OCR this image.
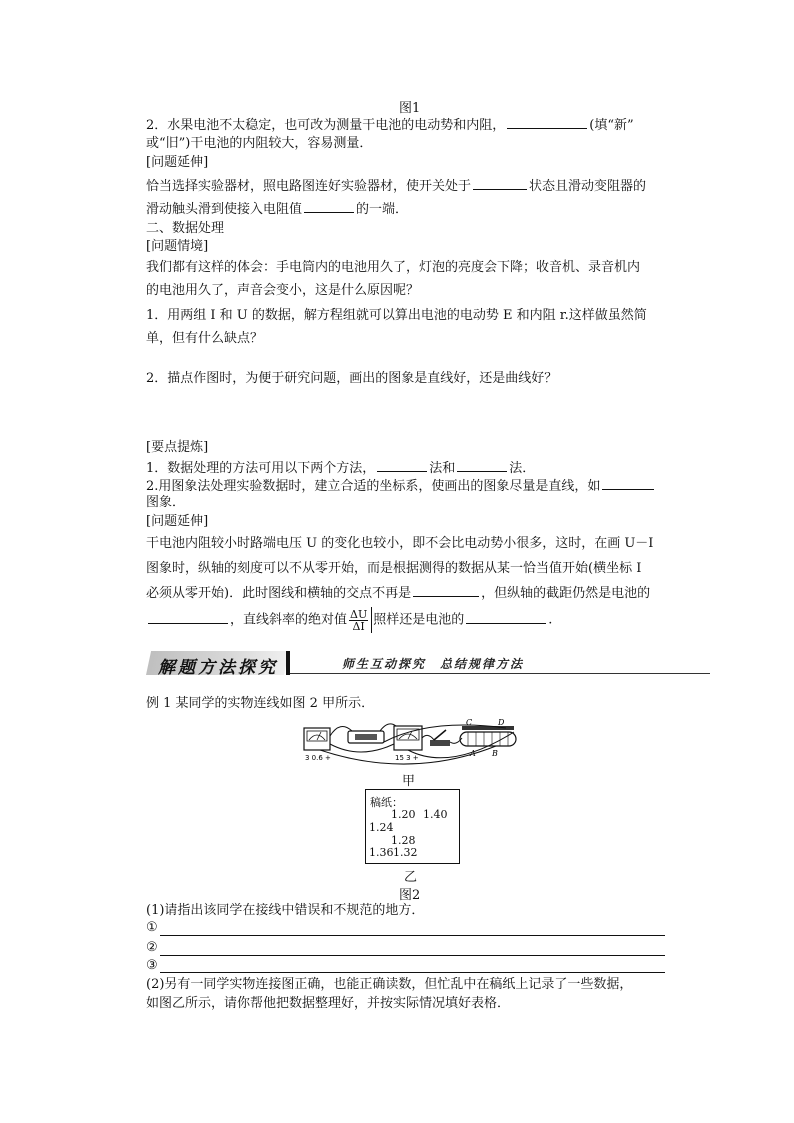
图1
2．水果电池不太稳定，也可改为测量干电池的电动势和内阻，	(填“新”
或“旧”)干电池的内阻较大，容易测量．
[问题延伸]
恰当选择实验器材，照电路图连好实验器材，使开关处于	状态且滑动变阻器的
滑动触头滑到使接入电阻值	的一端．
二、数据处理
[问题情境]
我们都有这样的体会：手电筒内的电池用久了，灯泡的亮度会下降；收音机、录音机内
的电池用久了，声音会变小，这是什么原因呢？
1．用两组 I 和 U 的数据，解方程组就可以算出电池的电动势 E 和内阻 r.这样做虽然简
单，但有什么缺点？
2．描点作图时，为便于研究问题，画出的图象是直线好，还是曲线好？
[要点提炼]
1．数据处理的方法可用以下两个方法，	法和	法．
2.用图象法处理实验数据时，建立合适的坐标系，使画出的图象尽量是直线，如
图象．
[问题延伸]
干电池内阻较小时路端电压 U 的变化也较小，即不会比电动势小很多，这时，在画 U－I
图象时，纵轴的刻度可以不从零开始，而是根据测得的数据从某一恰当值开始(横坐标 I
必须从零开始)．此时图线和横轴的交点不再是	，但纵轴的截距仍然是电池的
，直线斜率的绝对值 $\frac{\Delta U}{\Delta I}$ 照样还是电池的	.
解题方法探究	师生互动探究　总结规律方法
例 1 某同学的实物连线如图 2 甲所示．
3 0.6 +	15 3 +
C	D
A B
甲
稿纸：
1.20 1.40
1.24
1.28
1.36 1.32
乙
图2
(1)请指出该同学在接线中错误和不规范的地方．
①
②
③
(2)另有一同学实物连接图正确，也能正确读数，但忙乱中在稿纸上记录了一些数据，
如图乙所示，请你帮他把数据整理好，并按实际情况填好表格．
